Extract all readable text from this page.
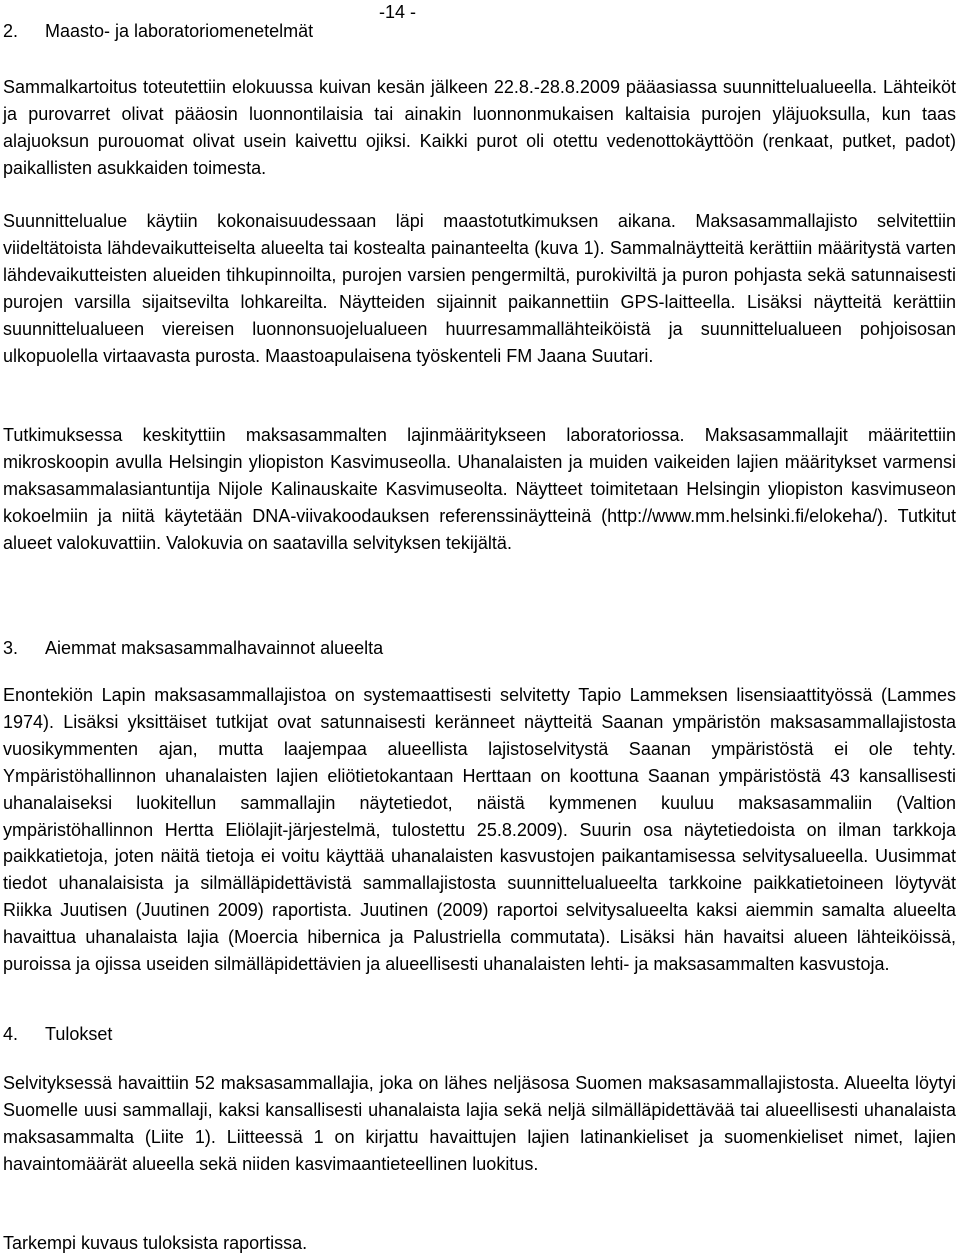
-14 -
2. Maasto- ja laboratoriomenetelmät

Sammalkartoitus toteutettiin elokuussa kuivan kesän jälkeen 22.8.-28.8.2009 pääasiassa suunnittelualueella. Lähteiköt ja purovarret olivat pääosin luonnontilaisia tai ainakin luonnonmukaisen kaltaisia purojen yläjuoksulla, kun taas alajuoksun purouomat olivat usein kaivettu ojiksi. Kaikki purot oli otettu vedenottokäyttöön (renkaat, putket, padot) paikallisten asukkaiden toimesta.

Suunnittelualue käytiin kokonaisuudessaan läpi maastotutkimuksen aikana. Maksasammallajisto selvitettiin viideltätoista lähdevaikutteiselta alueelta tai kostealta painanteelta (kuva 1). Sammalnäytteitä kerättiin määritystä varten lähdevaikutteisten alueiden tihkupinnoilta, purojen varsien pengermiltä, purokiviltä ja puron pohjasta sekä satunnaisesti purojen varsilla sijaitsevilta lohkareilta. Näytteiden sijainnit paikannettiin GPS-laitteella. Lisäksi näytteitä kerättiin suunnittelualueen viereisen luonnonsuojelualueen huurresammallähteiköistä ja suunnittelualueen pohjoisosan ulkopuolella virtaavasta purosta. Maastoapulaisena työskenteli FM Jaana Suutari.

Tutkimuksessa keskityttiin maksasammalten lajinmääritykseen laboratoriossa. Maksasammallajit määritettiin mikroskoopin avulla Helsingin yliopiston Kasvimuseolla. Uhanalaisten ja muiden vaikeiden lajien määritykset varmensi maksasammalasiantuntija Nijole Kalinauskaite Kasvimuseolta. Näytteet toimitetaan Helsingin yliopiston kasvimuseon kokoelmiin ja niitä käytetään DNA-viivakoodauksen referenssinäytteinä (http://www.mm.helsinki.fi/elokeha/). Tutkitut alueet valokuvattiin. Valokuvia on saatavilla selvityksen tekijältä.

3. Aiemmat maksasammalhavainnot alueelta

Enontekiön Lapin maksasammallajistoa on systemaattisesti selvitetty Tapio Lammeksen lisensiaattityössä (Lammes 1974). Lisäksi yksittäiset tutkijat ovat satunnaisesti keränneet näytteitä Saanan ympäristön maksasammallajistosta vuosikymmenten ajan, mutta laajempaa alueellista lajistoselvitystä Saanan ympäristöstä ei ole tehty. Ympäristöhallinnon uhanalaisten lajien eliötietokantaan Herttaan on koottuna Saanan ympäristöstä 43 kansallisesti uhanalaiseksi luokitellun sammallajin näytetiedot, näistä kymmenen kuuluu maksasammaliin (Valtion ympäristöhallinnon Hertta Eliölajit-järjestelmä, tulostettu 25.8.2009). Suurin osa näytetiedoista on ilman tarkkoja paikkatietoja, joten näitä tietoja ei voitu käyttää uhanalaisten kasvustojen paikantamisessa selvitysalueella. Uusimmat tiedot uhanalaisista ja silmälläpidettävistä sammallajistosta suunnittelualueelta tarkkoine paikkatietoineen löytyvät Riikka Juutisen (Juutinen 2009) raportista. Juutinen (2009) raportoi selvitysalueelta kaksi aiemmin samalta alueelta havaittua uhanalaista lajia (Moercia hibernica ja Palustriella commutata). Lisäksi hän havaitsi alueen lähteiköissä, puroissa ja ojissa useiden silmälläpidettävien ja alueellisesti uhanalaisten lehti- ja maksasammalten kasvustoja.

4. Tulokset

Selvityksessä havaittiin 52 maksasammallajia, joka on lähes neljäsosa Suomen maksasammallajistosta. Alueelta löytyi Suomelle uusi sammallaji, kaksi kansallisesti uhanalaista lajia sekä neljä silmälläpidettävää tai alueellisesti uhanalaista maksasammalta (Liite 1). Liitteessä 1 on kirjattu havaittujen lajien latinankieliset ja suomenkieliset nimet, lajien havaintomäärät alueella sekä niiden kasvimaantieteellinen luokitus.

Tarkempi kuvaus tuloksista raportissa.
